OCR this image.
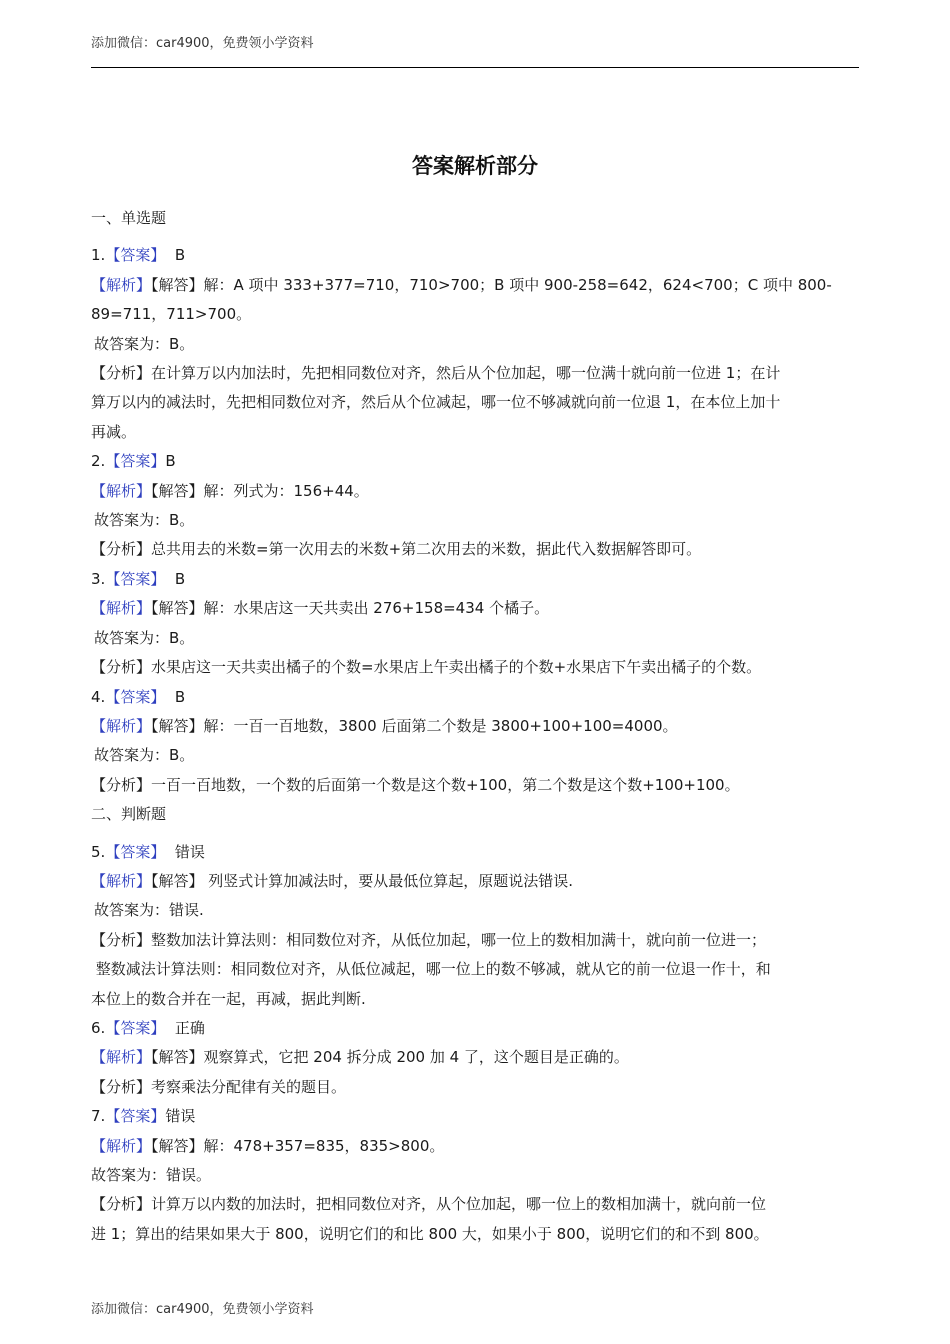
添加微信：car4900，免费领小学资料
答案解析部分
一、单选题
1.【答案】  B
【解析】【解答】解：A 项中 333+377=710，710>700；B 项中 900-258=642，624<700；C 项中 800-
89=711，711>700。
故答案为：B。
【分析】在计算万以内加法时，先把相同数位对齐，然后从个位加起，哪一位满十就向前一位进 1；在计
算万以内的减法时，先把相同数位对齐，然后从个位减起，哪一位不够减就向前一位退 1，在本位上加十
再减。
2.【答案】B
【解析】【解答】解：列式为：156+44。
故答案为：B。
【分析】总共用去的米数=第一次用去的米数+第二次用去的米数，据此代入数据解答即可。
3.【答案】  B
【解析】【解答】解：水果店这一天共卖出 276+158=434 个橘子。
故答案为：B。
【分析】水果店这一天共卖出橘子的个数=水果店上午卖出橘子的个数+水果店下午卖出橘子的个数。
4.【答案】  B
【解析】【解答】解：一百一百地数，3800 后面第二个数是 3800+100+100=4000。
故答案为：B。
【分析】一百一百地数，一个数的后面第一个数是这个数+100，第二个数是这个数+100+100。
二、判断题
5.【答案】  错误
【解析】【解答】 列竖式计算加减法时，要从最低位算起，原题说法错误.
故答案为：错误.
【分析】整数加法计算法则：相同数位对齐，从低位加起，哪一位上的数相加满十，就向前一位进一；
整数减法计算法则：相同数位对齐，从低位减起，哪一位上的数不够减，就从它的前一位退一作十，和
本位上的数合并在一起，再减，据此判断.
6.【答案】  正确
【解析】【解答】观察算式，它把 204 拆分成 200 加 4 了，这个题目是正确的。
【分析】考察乘法分配律有关的题目。
7.【答案】错误
【解析】【解答】解：478+357=835，835>800。
故答案为：错误。
【分析】计算万以内数的加法时，把相同数位对齐，从个位加起，哪一位上的数相加满十，就向前一位
进 1；算出的结果如果大于 800，说明它们的和比 800 大，如果小于 800，说明它们的和不到 800。
添加微信：car4900，免费领小学资料
